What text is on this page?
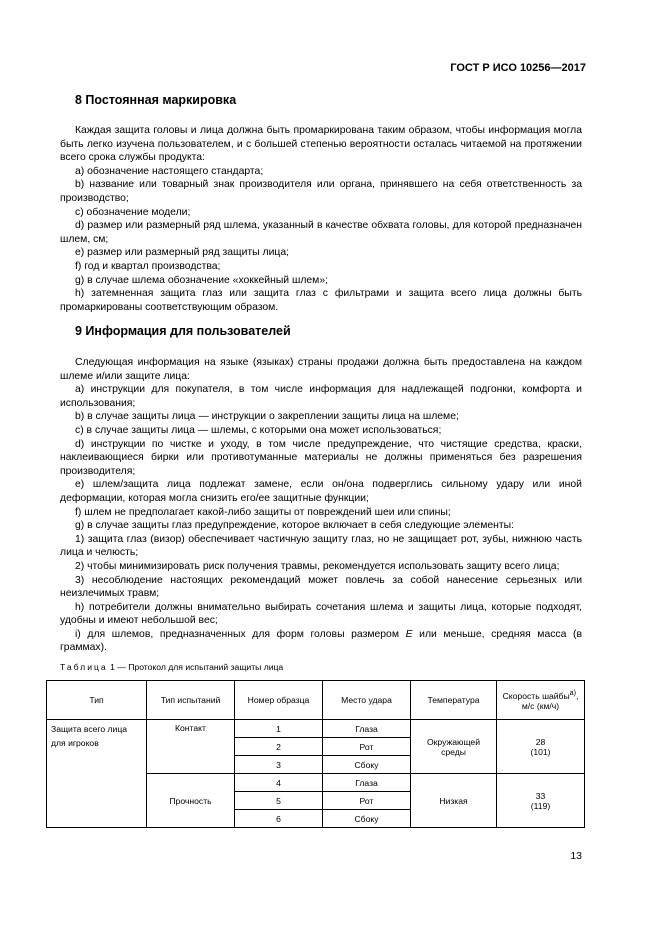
ГОСТ Р ИСО 10256—2017
8 Постоянная маркировка

Каждая защита головы и лица должна быть промаркирована таким образом, чтобы информация могла быть легко изучена пользователем, и с большей степенью вероятности осталась читаемой на протяжении всего срока службы продукта:

a) обозначение настоящего стандарта;

b) название или товарный знак производителя или органа, принявшего на себя ответственность за производство;

c) обозначение модели;

d) размер или размерный ряд шлема, указанный в качестве обхвата головы, для которой предназначен шлем, см;

e) размер или размерный ряд защиты лица;

f) год и квартал производства;

g) в случае шлема обозначение «хоккейный шлем»;

h) затемненная защита глаз или защита глаз с фильтрами и защита всего лица должны быть промаркированы соответствующим образом.

9 Информация для пользователей

Следующая информация на языке (языках) страны продажи должна быть предоставлена на каждом шлеме и/или защите лица:

a) инструкции для покупателя, в том числе информация для надлежащей подгонки, комфорта и использования;

b) в случае защиты лица — инструкции о закреплении защиты лица на шлеме;

c) в случае защиты лица — шлемы, с которыми она может использоваться;

d) инструкции по чистке и уходу, в том числе предупреждение, что чистящие средства, краски, наклеивающиеся бирки или противотуманные материалы не должны применяться без разрешения производителя;

e) шлем/защита лица подлежат замене, если он/она подверглись сильному удару или иной деформации, которая могла снизить его/ее защитные функции;

f) шлем не предполагает какой-либо защиты от повреждений шеи или спины;

g) в случае защиты глаз предупреждение, которое включает в себя следующие элементы:

1) защита глаз (визор) обеспечивает частичную защиту глаз, но не защищает рот, зубы, нижнюю часть лица и челюсть;

2) чтобы минимизировать риск получения травмы, рекомендуется использовать защиту всего лица;

3) несоблюдение настоящих рекомендаций может повлечь за собой нанесение серьезных или неизлечимых травм;

h) потребители должны внимательно выбирать сочетания шлема и защиты лица, которые подходят, удобны и имеют небольшой вес;

i) для шлемов, предназначенных для форм головы размером E или меньше, средняя масса (в граммах).

Таблица 1 — Протокол для испытаний защиты лица
Тип	Тип испытаний	Номер образца	Место удара	Температура	Скорость шайбы$^{а)}$,
м/с (км/ч)
Защита всего лица для игроков	Контакт	1	Глаза	Окружающей среды	28
(101)
		2	Рот		
		3	Сбоку		
	Прочность	4	Глаза	Низкая	33
(119)
		5	Рот		
		6	Сбоку		
13
